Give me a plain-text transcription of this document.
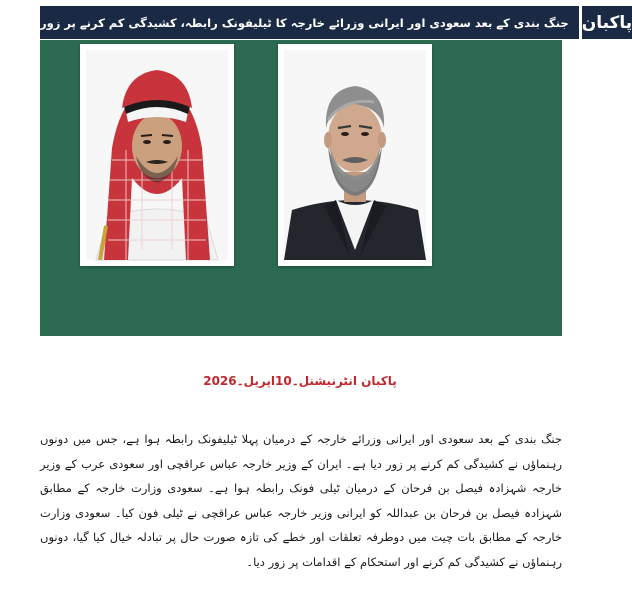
جنگ بندی کے بعد سعودی اور ایرانی وزرائے خارجہ کا ٹیلیفونک رابطہ، کشیدگی کم کرنے پر زور پاکبان
پاکبان انٹرنیشنل۔10اپریل۔2026
جنگ بندی کے بعد سعودی اور ایرانی وزرائے خارجہ کے درمیان پہلا ٹیلیفونک رابطہ ہوا ہے، جس میں دونوں رہنماؤں نے کشیدگی کم کرنے پر زور دیا ہے۔ ایران کے وزیر خارجہ عباس عراقچی اور سعودی عرب کے وزیر خارجہ شہزادہ فیصل بن فرحان کے درمیان ٹیلی فونک رابطہ ہوا ہے۔ سعودی وزارت خارجہ کے مطابق شہزادہ فیصل بن فرحان بن عبداللہ کو ایرانی وزیر خارجہ عباس عراقچی نے ٹیلی فون کیا۔ سعودی وزارت خارجہ کے مطابق بات چیت میں دوطرفہ تعلقات اور خطے کی تازہ صورت حال پر تبادلہ خیال کیا گیا، دونوں رہنماؤں نے کشیدگی کم کرنے اور استحکام کے اقدامات پر زور دیا۔
